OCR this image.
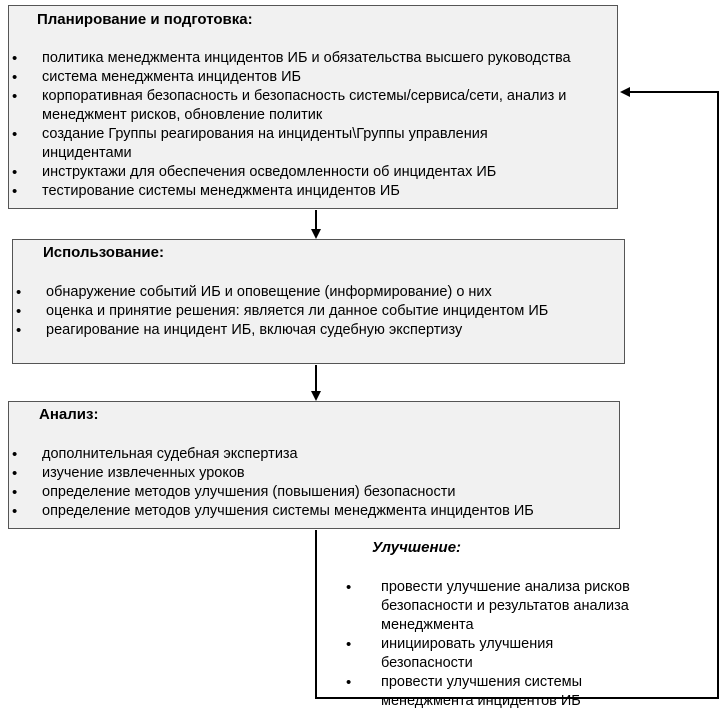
Планирование и подготовка:
• политика менеджмента инцидентов ИБ и обязательства высшего руководства
• система менеджмента инцидентов ИБ
• корпоративная безопасность и безопасность системы/сервиса/сети, анализ и менеджмент рисков, обновление политик
• создание Группы реагирования на инциденты\Группы управления инцидентами
• инструктажи для обеспечения осведомленности об инцидентах ИБ
• тестирование системы менеджмента инцидентов ИБ
Использование:
• обнаружение событий ИБ и оповещение (информирование) о них
• оценка и принятие решения: является ли данное событие инцидентом ИБ
• реагирование на инцидент ИБ, включая судебную экспертизу
Анализ:
• дополнительная судебная экспертиза
• изучение извлеченных уроков
• определение методов улучшения (повышения) безопасности
• определение методов улучшения системы менеджмента инцидентов ИБ
Улучшение:
• провести улучшение анализа рисков безопасности и результатов анализа менеджмента
• инициировать улучшения безопасности
• провести улучшения системы менеджмента инцидентов ИБ
